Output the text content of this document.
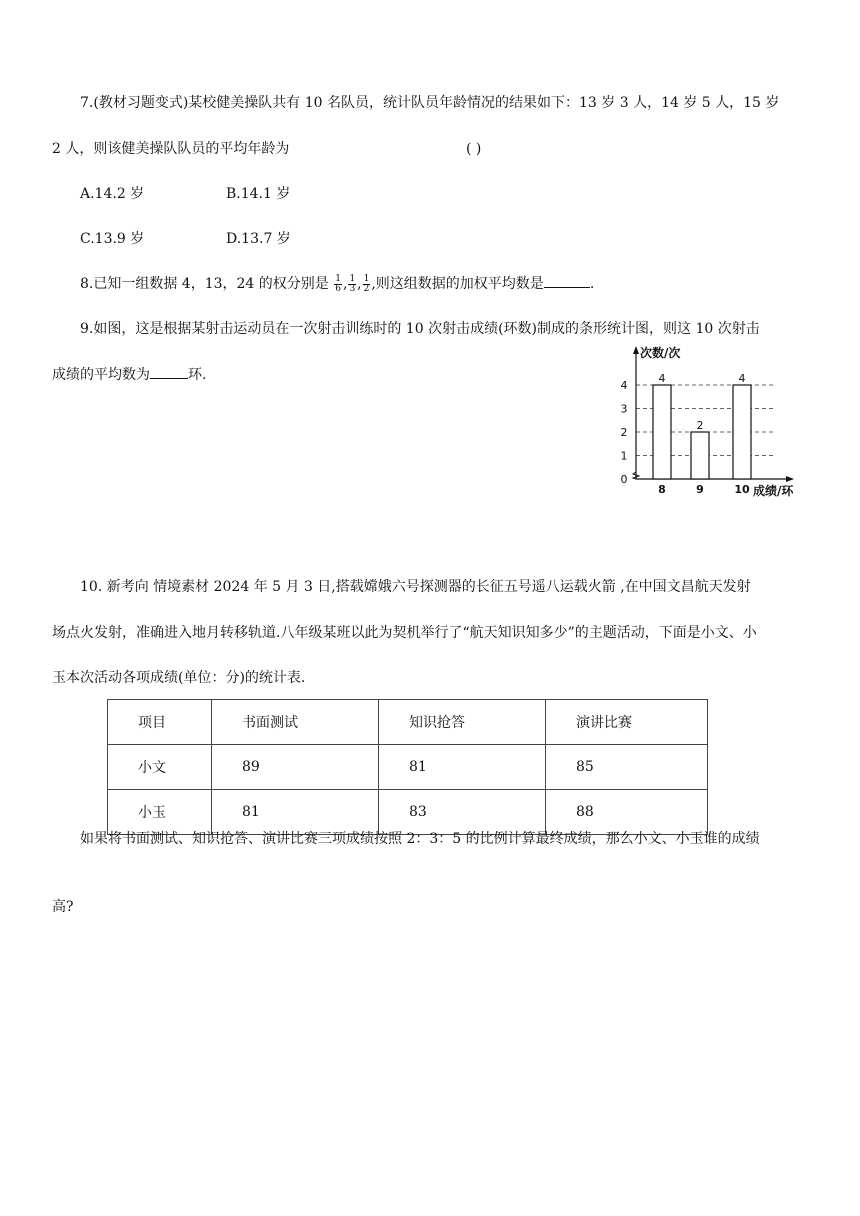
7.(教材习题变式)某校健美操队共有 10 名队员，统计队员年龄情况的结果如下：13 岁 3 人，14 岁 5 人，15 岁
2 人，则该健美操队队员的平均年龄为	( )
A.14.2 岁	B.14.1 岁
C.13.9 岁	D.13.7 岁
8.已知一组数据 4，13，24 的权分别是 $\frac{1}{6}$ , $\frac{1}{3}$ , $\frac{1}{2}$ ,则这组数据的加权平均数是	.
9.如图，这是根据某射击运动员在一次射击训练时的 10 次射击成绩(环数)制成的条形统计图，则这 10 次射击
成绩的平均数为	环.
次数/次
成绩/环
0
1
2
3
4
4
8
2
9
4
10
10. 新考向 情境素材 2024 年 5 月 3 日,搭载嫦娥六号探测器的长征五号遥八运载火箭 ,在中国文昌航天发射
场点火发射，准确进入地月转移轨道.八年级某班以此为契机举行了“航天知识知多少”的主题活动，下面是小文、小
玉本次活动各项成绩(单位：分)的统计表.
项目	书面测试	知识抢答	演讲比赛
小文	89	81	85
小玉	81	83	88
如果将书面测试、知识抢答、演讲比赛三项成绩按照 2：3：5 的比例计算最终成绩，那么小文、小玉谁的成绩
高?
